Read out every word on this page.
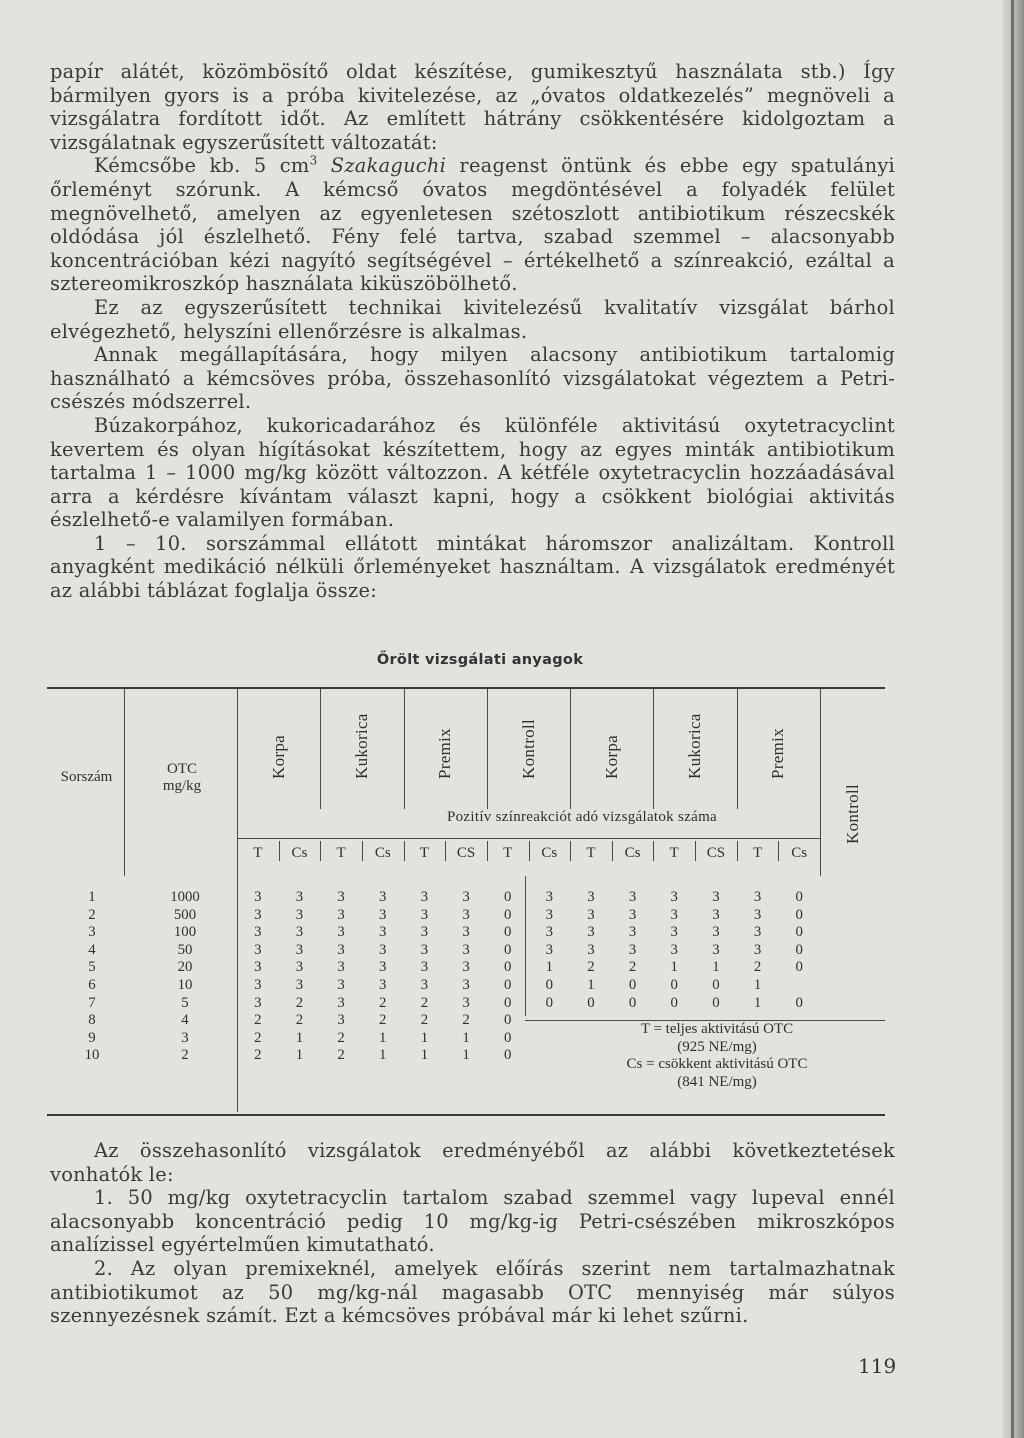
papír alátét, közömbösítő oldat készítése, gumikesztyű használata stb.) Így bármilyen gyors is a próba kivitelezése, az „óvatos oldatkezelés” megnöveli a vizsgálatra fordított időt. Az említett hátrány csökkentésére kidolgoztam a vizsgálatnak egyszerűsített változatát:

Kémcsőbe kb. 5 $cm^3$ Szakaguchi reagenst öntünk és ebbe egy spatulányi őrleményt szórunk. A kémcső óvatos megdöntésével a folyadék felület megnövelhető, amelyen az egyenletesen szétoszlott antibiotikum részecskék oldódása jól észlelhető. Fény felé tartva, szabad szemmel – alacsonyabb koncentrációban kézi nagyító segítségével – értékelhető a színreakció, ezáltal a sztereomikroszkóp használata kiküszöbölhető.

Ez az egyszerűsített technikai kivitelezésű kvalitatív vizsgálat bárhol elvégezhető, helyszíni ellenőrzésre is alkalmas.

Annak megállapítására, hogy milyen alacsony antibiotikum tartalomig használható a kémcsöves próba, összehasonlító vizsgálatokat végeztem a Petri-csészés módszerrel.

Búzakorpához, kukoricadarához és különféle aktivitású oxytetracyclint kevertem és olyan hígításokat készítettem, hogy az egyes minták antibiotikum tartalma 1 – 1000 mg/kg között változzon. A kétféle oxytetracyclin hozzáadásával arra a kérdésre kívántam választ kapni, hogy a csökkent biológiai aktivitás észlelhető-e valamilyen formában.

1 – 10. sorszámmal ellátott mintákat háromszor analizáltam. Kontroll anyagként medikáció nélküli őrleményeket használtam. A vizsgálatok eredményét az alábbi táblázat foglalja össze:

Őrölt vizsgálati anyagok
Sorszám	OTC
mg/kg
Pozitív színreakciót adó vizsgálatok száma
Korpa	Kukorica	Premix	Kontroll	Korpa	Kukorica	Premix
Kontroll
T	Cs	T	Cs	T	CS	T	Cs	T	Cs	T	CS	T	Cs
1	1000	3	3	3	3	3	3	0	3	3	3	3	3	3	0
2	500	3	3	3	3	3	3	0	3	3	3	3	3	3	0
3	100	3	3	3	3	3	3	0	3	3	3	3	3	3	0
4	50	3	3	3	3	3	3	0	3	3	3	3	3	3	0
5	20	3	3	3	3	3	3	0	1	2	2	1	1	2	0
6	10	3	3	3	3	3	3	0	0	1	0	0	0	1
7	5	3	2	3	2	2	3	0	0	0	0	0	0	1	0
8	4	2	2	3	2	2	2	0
9	3	2	1	2	1	1	1	0
10	2	2	1	2	1	1	1	0
T = teljes aktivitású OTC
(925 NE/mg)
Cs = csökkent aktivitású OTC
(841 NE/mg)

Az összehasonlító vizsgálatok eredményéből az alábbi következtetések vonhatók le:

1. 50 mg/kg oxytetracyclin tartalom szabad szemmel vagy lupeval ennél alacsonyabb koncentráció pedig 10 mg/kg-ig Petri-csészében mikroszkópos analízissel egyértelműen kimutatható.

2. Az olyan premixeknél, amelyek előírás szerint nem tartalmazhatnak antibiotikumot az 50 mg/kg-nál magasabb OTC mennyiség már súlyos szennyezésnek számít. Ezt a kémcsöves próbával már ki lehet szűrni.

119
